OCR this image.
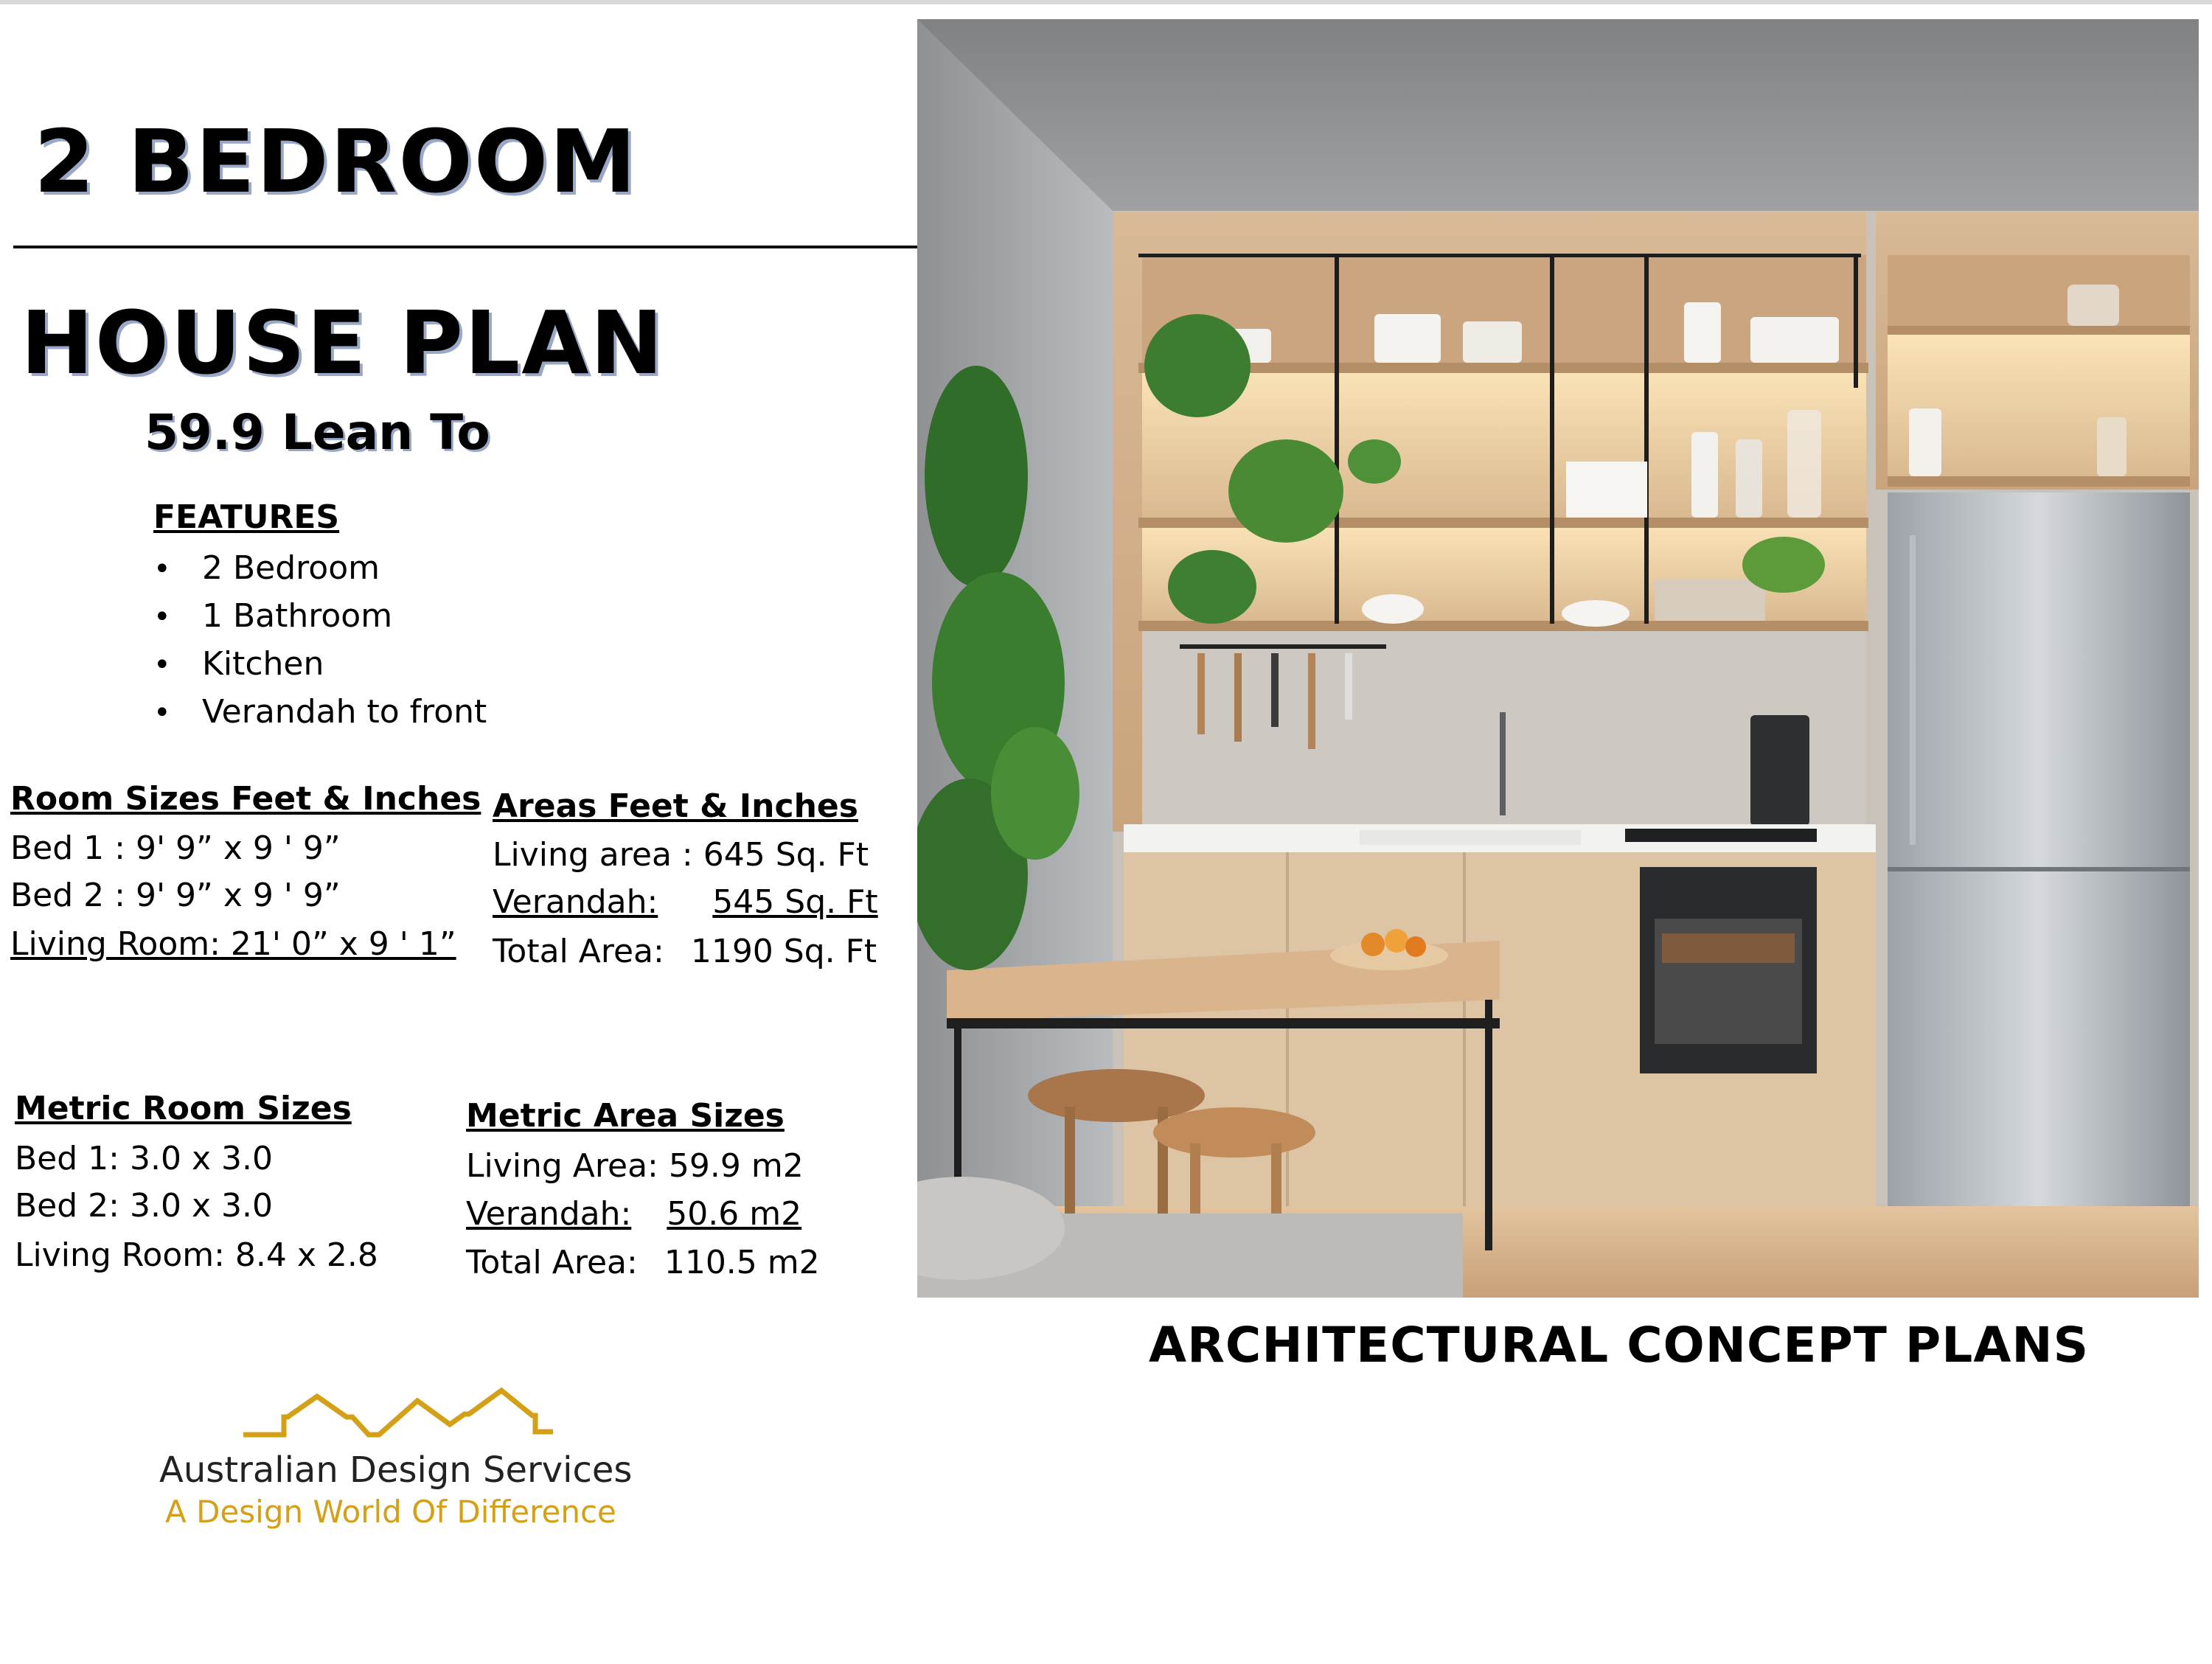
2 BEDROOM
HOUSE PLAN
59.9 Lean To
FEATURES
• 2 Bedroom
• 1 Bathroom
• Kitchen
• Verandah to front
Room Sizes Feet & Inches
Bed 1 : 9' 9” x 9 ' 9”
Bed 2 : 9' 9” x 9 ' 9”
Living Room: 21' 0” x 9 ' 1”
Areas Feet & Inches
Living area : 645 Sq. Ft
Verandah: 545 Sq. Ft
Total Area: 1190 Sq. Ft
Metric Room Sizes
Bed 1: 3.0 x 3.0
Bed 2: 3.0 x 3.0
Living Room: 8.4 x 2.8
Metric Area Sizes
Living Area: 59.9 m2
Verandah: 50.6 m2
Total Area: 110.5 m2
ARCHITECTURAL CONCEPT PLANS
Australian Design Services
A Design World Of Difference
